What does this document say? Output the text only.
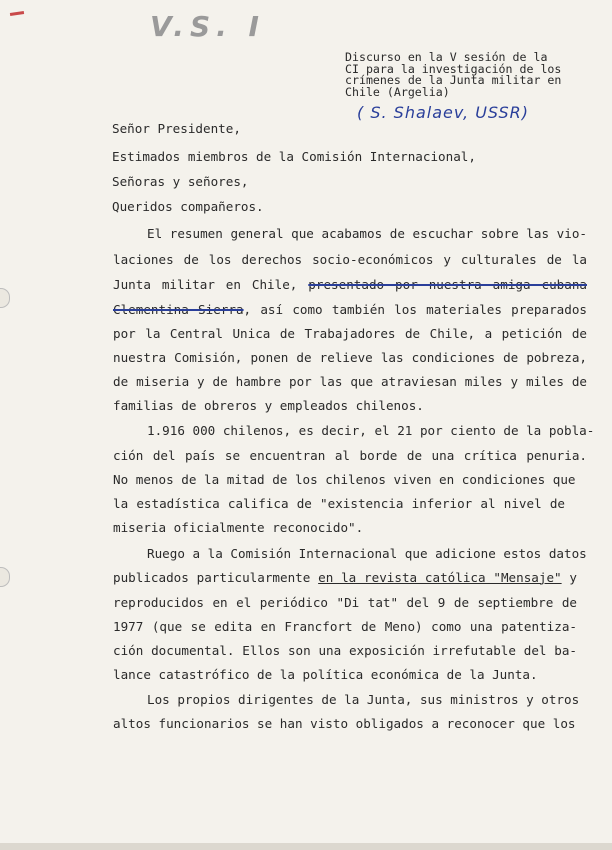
V.S. I
Discurso en la V sesión de la
CI para la investigación de los
crímenes de la Junta militar en
Chile (Argelia)
( S. Shalaev, USSR)
Señor Presidente,
Estimados miembros de la Comisión Internacional,
Señoras y señores,
Queridos compañeros.
El resumen general que acabamos de escuchar sobre las vio-
laciones de los derechos socio-económicos y culturales de la
Junta militar en Chile, presentado por nuestra amiga cubana
Clementina Sierra, así como también los materiales preparados
por la Central Unica de Trabajadores de Chile, a petición de
nuestra Comisión, ponen de relieve las condiciones de pobreza,
de miseria y de hambre por las que atraviesan miles y miles de
familias de obreros y empleados chilenos.
1.916 000 chilenos, es decir, el 21 por ciento de la pobla-
ción del país se encuentran al borde de una crítica penuria.
No menos de la mitad de los chilenos viven en condiciones que
la estadística califica de "existencia inferior al nivel de
miseria oficialmente reconocido".
Ruego a la Comisión Internacional que adicione estos datos
publicados particularmente en la revista católica "Mensaje" y
reproducidos en el periódico "Di tat" del 9 de septiembre de
1977 (que se edita en Francfort de Meno) como una patentiza-
ción documental. Ellos son una exposición irrefutable del ba-
lance catastrófico de la política económica de la Junta.
Los propios dirigentes de la Junta, sus ministros y otros
altos funcionarios se han visto obligados a reconocer que los
